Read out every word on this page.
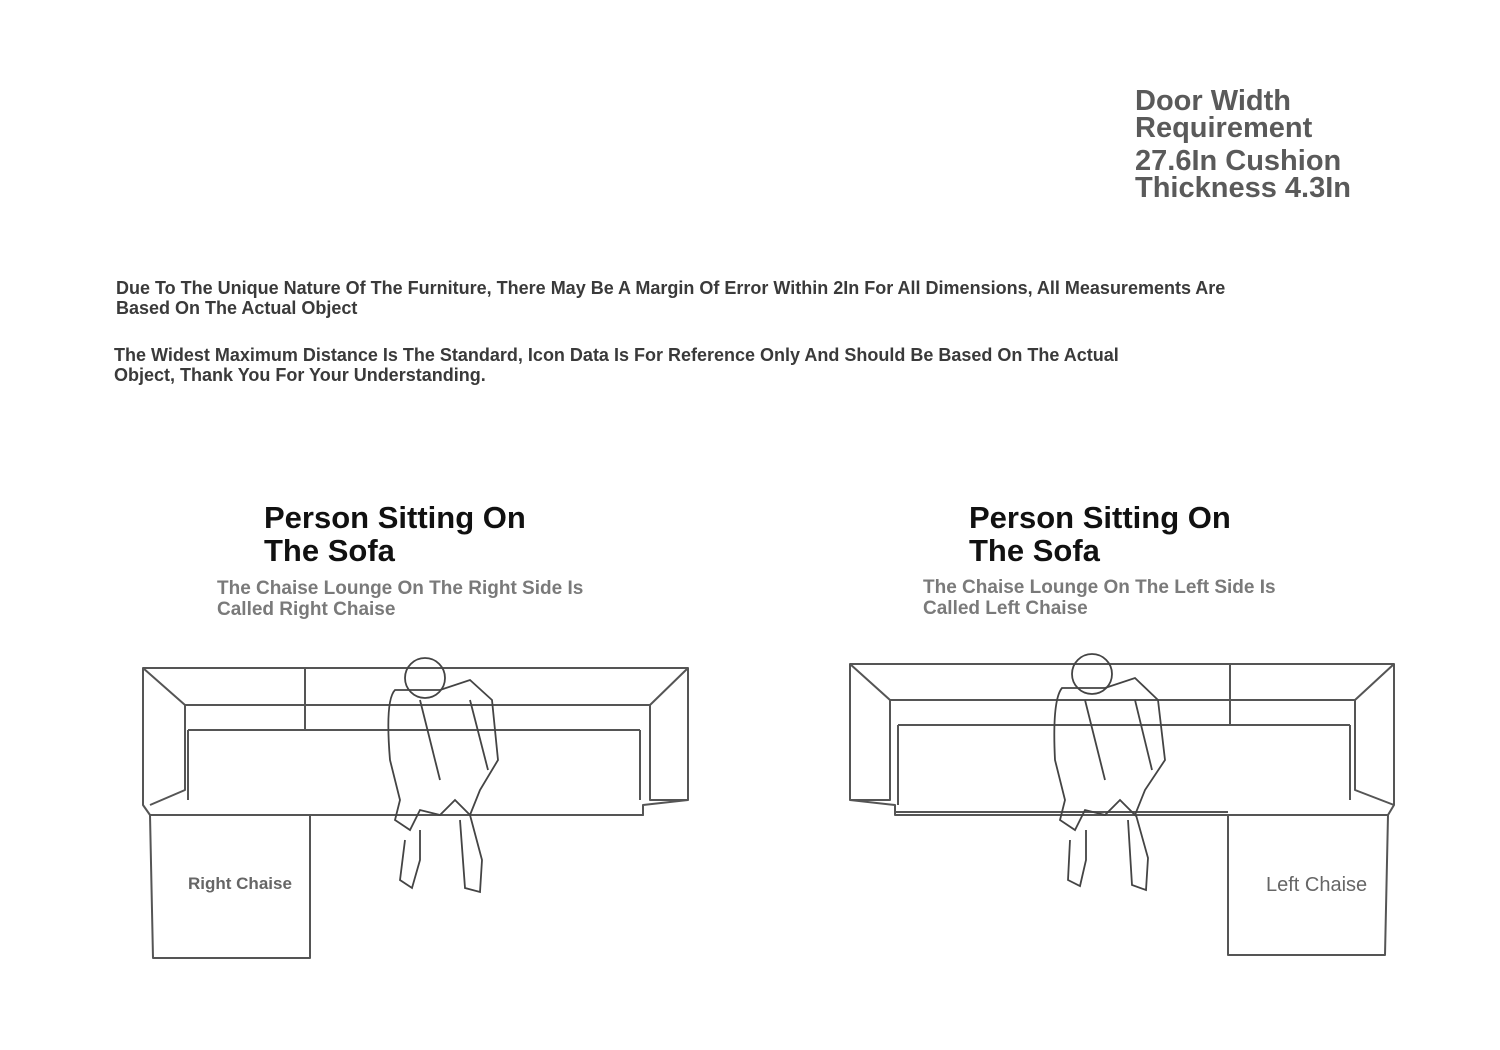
Door Width Requirement
27.6In Cushion Thickness 4.3In
Due To The Unique Nature Of The Furniture, There May Be A Margin Of Error Within 2In For All Dimensions, All Measurements Are Based On The Actual Object
The Widest Maximum Distance Is The Standard, Icon Data Is For Reference Only And Should Be Based On The Actual Object, Thank You For Your Understanding.
Person Sitting On The Sofa
The Chaise Lounge On The Right Side Is Called Right Chaise
Right Chaise
Person Sitting On The Sofa
The Chaise Lounge On The Left Side Is Called Left Chaise
Left Chaise
